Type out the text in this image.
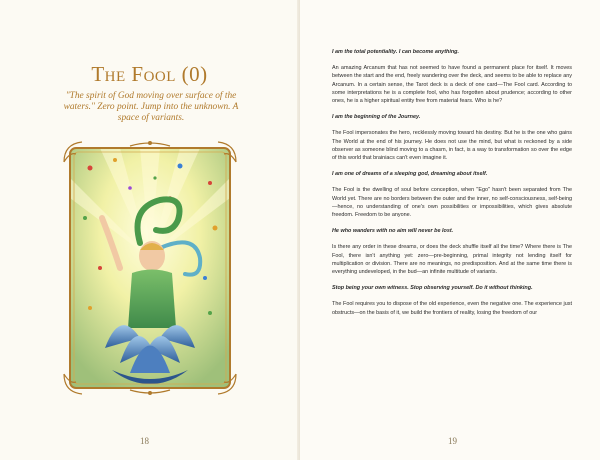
The Fool (0)
"The spirit of God moving over surface of the waters." Zero point. Jump into the unknown. A space of variants.
18

I am the total potentiality. I can become anything.

An amazing Arcanum that has not seemed to have found a permanent place for itself. It moves between the start and the end, freely wandering over the deck, and seems to be able to replace any Arcanum. In a certain sense, the Tarot deck is a deck of one card—The Fool card. According to some interpretations he is a complete fool, who has forgotten about prudence; according to other ones, he is a higher spiritual entity free from material fears. Who is he?

I am the beginning of the Journey.

The Fool impersonates the hero, recklessly moving toward his destiny. But he is the one who gains The World at the end of his journey. He does not use the mind, but what is reckoned by a side observer as someone blind moving to a chasm, in fact, is a way to transformation so over the edge of this world that brainiacs can't even imagine it.

I am one of dreams of a sleeping god, dreaming about itself.

The Fool is the dwelling of soul before conception, when "Ego" hasn't been separated from The World yet. There are no borders between the outer and the inner, no self-consciousness, self-being—hence, no understanding of one's own possibilities or impossibilities, which gives absolute freedom. Freedom to be anyone.

He who wanders with no aim will never be lost.

Is there any order in these dreams, or does the deck shuffle itself all the time? Where there is The Fool, there isn't anything yet: zero—pre-beginning, primal integrity not lending itself for multiplication or division. There are no meanings, no predisposition. And at the same time there is everything undeveloped, in the bud—an infinite multitude of variants.

Stop being your own witness. Stop observing yourself. Do it without thinking.

The Fool requires you to dispose of the old experience, even the negative one. The experience just obstructs—on the basis of it, we build the frontiers of reality, losing the freedom of our

19
